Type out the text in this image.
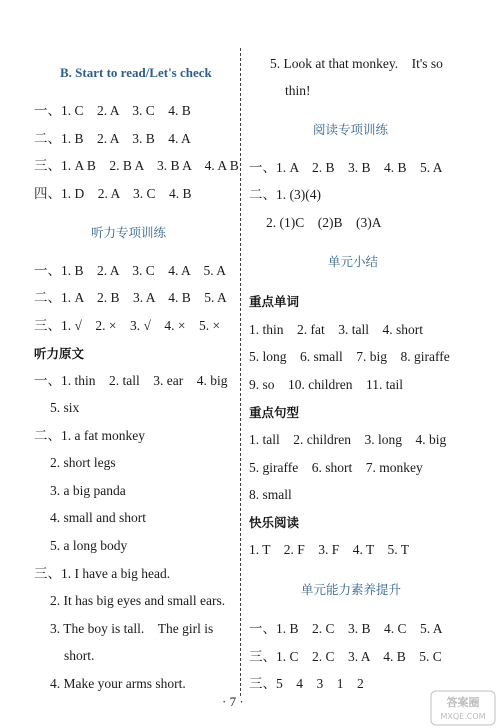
B. Start to read/Let's check
一、1. C　2. A　3. C　4. B
二、1. B　2. A　3. B　4. A
三、1. A B　2. B A　3. B A　4. A B
四、1. D　2. A　3. C　4. B
听力专项训练
一、1. B　2. A　3. C　4. A　5. A
二、1. A　2. B　3. A　4. B　5. A
三、1. √　2. ×　3. √　4. ×　5. ×
听力原文
一、1. thin　2. tall　3. ear　4. big
5. six
二、1. a fat monkey
2. short legs
3. a big panda
4. small and short
5. a long body
三、1. I have a big head.
2. It has big eyes and small ears.
3. The boy is tall.　The girl is
short.
4. Make your arms short.
5. Look at that monkey.　It's so
thin!
阅读专项训练
一、1. A　2. B　3. B　4. B　5. A
二、1. (3)(4)
2. (1)C　(2)B　(3)A
单元小结
重点单词
1. thin　2. fat　3. tall　4. short
5. long　6. small　7. big　8. giraffe
9. so　10. children　11. tail
重点句型
1. tall　2. children　3. long　4. big
5. giraffe　6. short　7. monkey
8. small
快乐阅读
1. T　2. F　3. F　4. T　5. T
单元能力素养提升
一、1. B　2. C　3. B　4. C　5. A
三、1. C　2. C　3. A　4. B　5. C
三、5　4　3　1　2
· 7 ·	答案圈
MXQE.COM
